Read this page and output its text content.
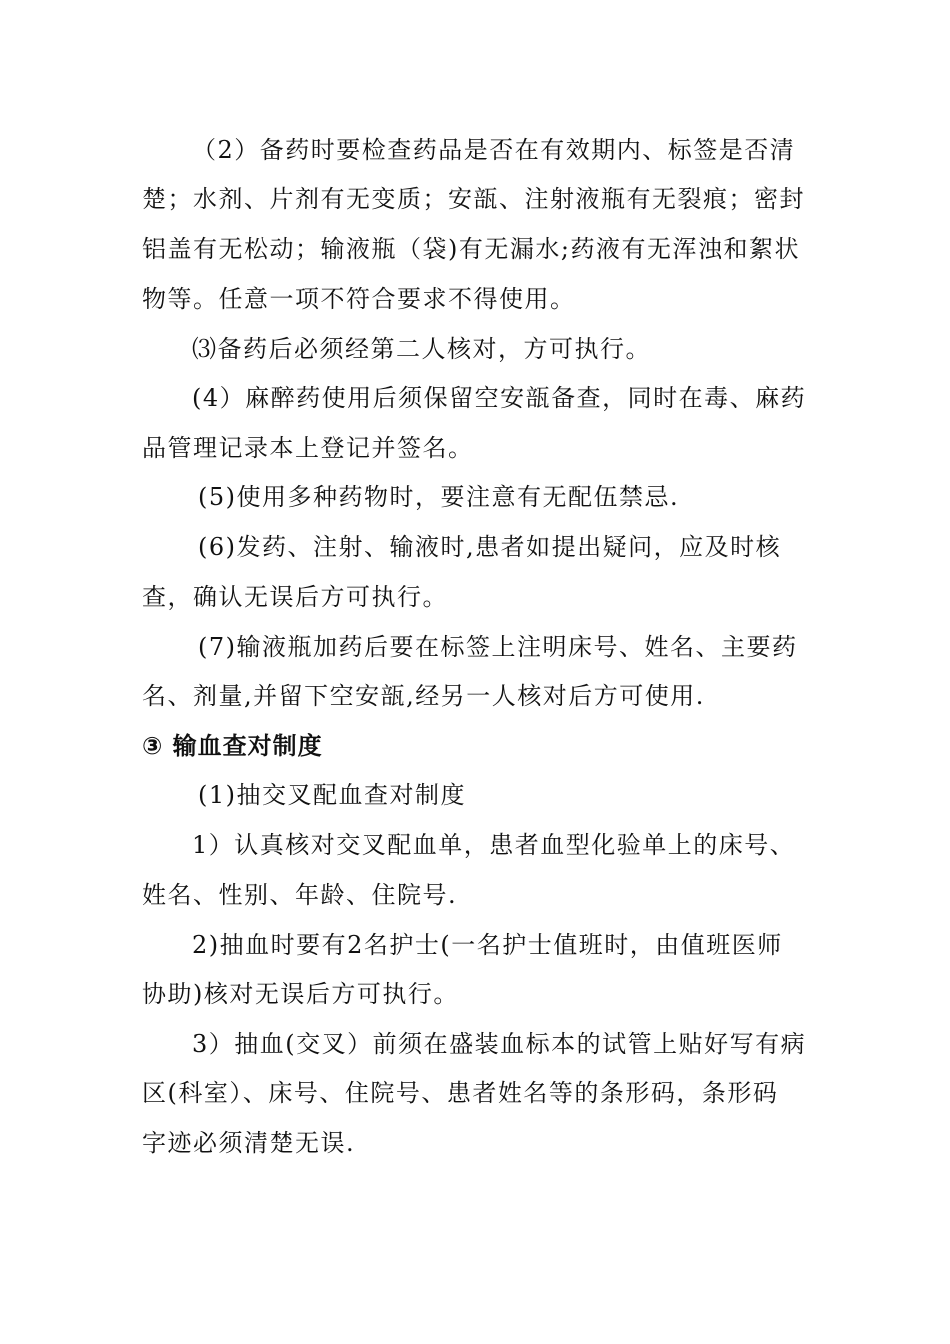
（2）备药时要检查药品是否在有效期内、标签是否清
楚；水剂、片剂有无变质；安瓿、注射液瓶有无裂痕；密封
铝盖有无松动；输液瓶（袋)有无漏水;药液有无浑浊和絮状
物等。任意一项不符合要求不得使用。
⑶备药后必须经第二人核对，方可执行。
(4）麻醉药使用后须保留空安瓿备查，同时在毒、麻药
品管理记录本上登记并签名。
(5)使用多种药物时，要注意有无配伍禁忌.
(6)发药、注射、输液时,患者如提出疑问，应及时核
查，确认无误后方可执行。
(7)输液瓶加药后要在标签上注明床号、姓名、主要药
名、剂量,并留下空安瓿,经另一人核对后方可使用.
③ 输血查对制度
(1)抽交叉配血查对制度
1）认真核对交叉配血单，患者血型化验单上的床号、
姓名、性别、年龄、住院号.
2)抽血时要有2名护士(一名护士值班时，由值班医师
协助)核对无误后方可执行。
3）抽血(交叉）前须在盛装血标本的试管上贴好写有病
区(科室）、床号、住院号、患者姓名等的条形码，条形码
字迹必须清楚无误.
